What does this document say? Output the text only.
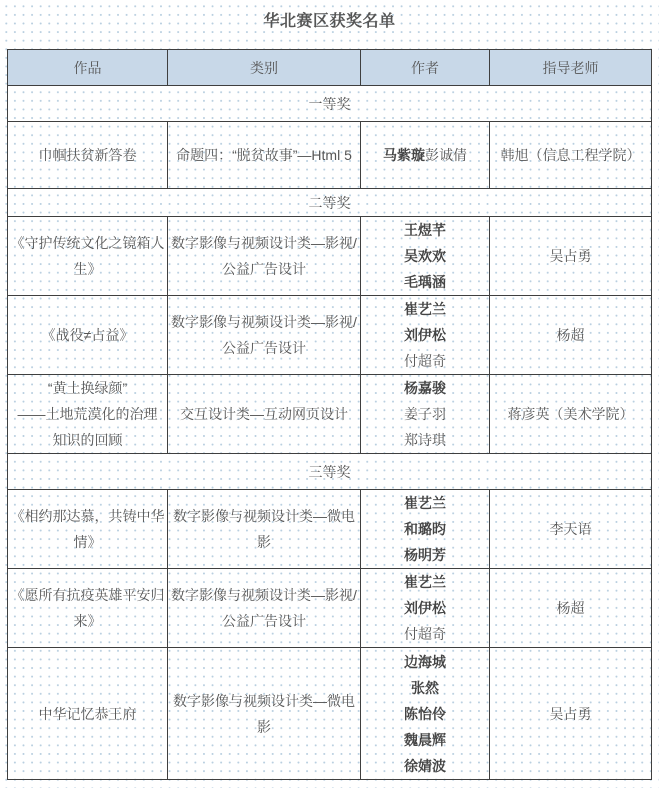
华北赛区获奖名单
作品	类别	作者	指导老师
一等奖			
巾帼扶贫新答卷	命题四：“脱贫故事”—Html 5	马紫璇彭诚倩	韩旭（信息工程学院）
二等奖			
《守护传统文化之镜箱人生》	数字影像与视频设计类—影视/公益广告设计	王煜芊
吴欢欢
毛瑀涵	吴占勇
《战役≠占益》	数字影像与视频设计类—影视/公益广告设计	崔艺兰
刘伊松
付超奇	杨超

“黄土换绿颜”
——土地荒漠化的治理
知识的回顾	交互设计类—互动网页设计	杨嘉骏
姜子羽
郑诗琪	蒋彦英（美术学院）
三等奖			
《相约那达慕，共铸中华情》	数字影像与视频设计类—微电影	崔艺兰
和璐昀
杨明芳	李天语
《愿所有抗疫英雄平安归来》	数字影像与视频设计类—影视/公益广告设计	崔艺兰
刘伊松
付超奇	杨超
中华记忆恭王府	数字影像与视频设计类—微电影	边海城
张然
陈怡伶
魏晨辉
徐婧波	吴占勇
